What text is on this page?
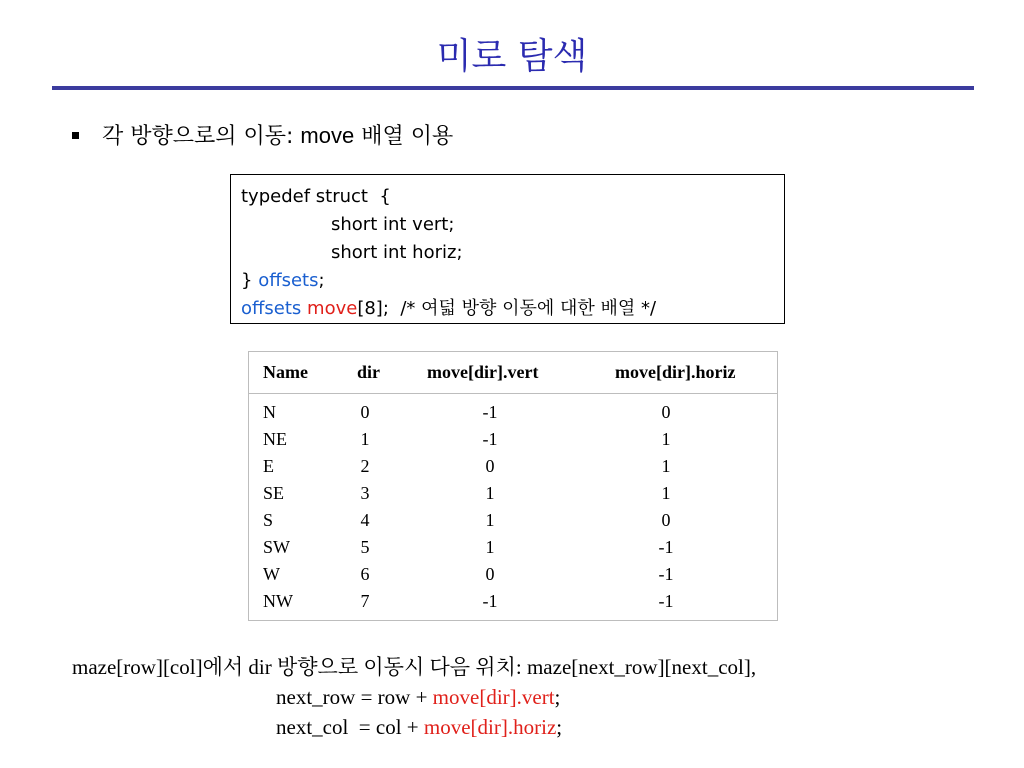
미로 탐색
각 방향으로의 이동: move 배열 이용
typedef struct  {
short int vert;
short int horiz;
} offsets;
offsets move[8];  /* 여덟 방향 이동에 대한 배열 */
Name	dir	move[dir].vert	move[dir].horiz
N	0	-1	0
NE	1	-1	1
E	2	0	1
SE	3	1	1
S	4	1	0
SW	5	1	-1
W	6	0	-1
NW	7	-1	-1
maze[row][col]에서 dir 방향으로 이동시 다음 위치: maze[next_row][next_col],
next_row = row + move[dir].vert;
next_col  = col + move[dir].horiz;
